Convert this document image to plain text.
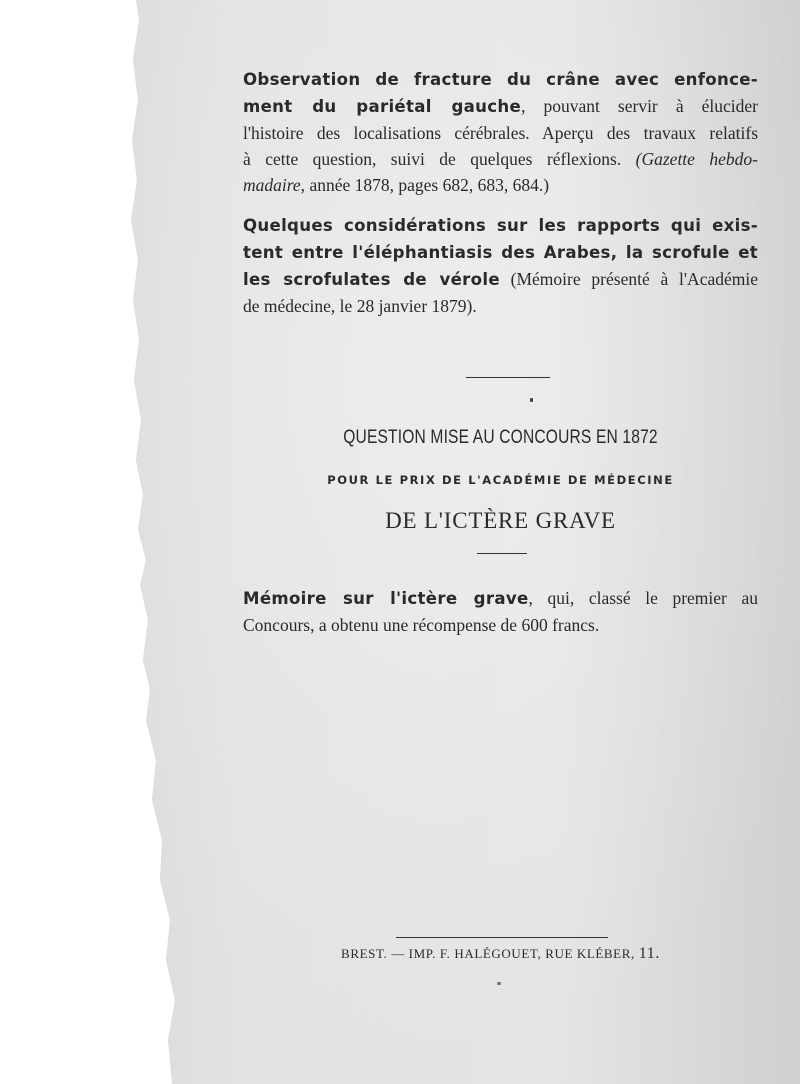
Observation de fracture du crâne avec enfonce-
ment du pariétal gauche, pouvant servir à élucider
l'histoire des localisations cérébrales. Aperçu des travaux relatifs
à cette question, suivi de quelques réflexions. (Gazette hebdo-
madaire, année 1878, pages 682, 683, 684.)
Quelques considérations sur les rapports qui exis-
tent entre l'éléphantiasis des Arabes, la scrofule et
les scrofulates de vérole (Mémoire présenté à l'Académie
de médecine, le 28 janvier 1879).
QUESTION MISE AU CONCOURS EN 1872
POUR LE PRIX DE L'ACADÉMIE DE MÉDECINE
DE L'ICTÈRE GRAVE
Mémoire sur l'ictère grave, qui, classé le premier au
Concours, a obtenu une récompense de 600 francs.
BREST. — IMP. F. HALÉGOUET, RUE KLÉBER, 11.
